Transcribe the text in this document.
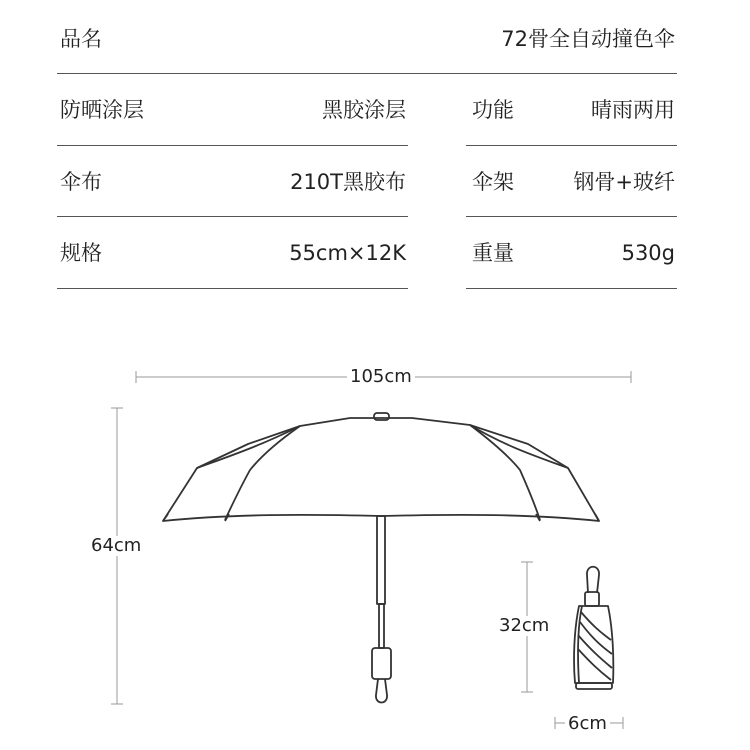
品名	72骨全自动撞色伞
防晒涂层	黑胶涂层	功能	晴雨两用
伞布	210T黑胶布	伞架	钢骨+玻纤
规格	55cm×12K	重量	530g
105cm
64cm
32cm
6cm
